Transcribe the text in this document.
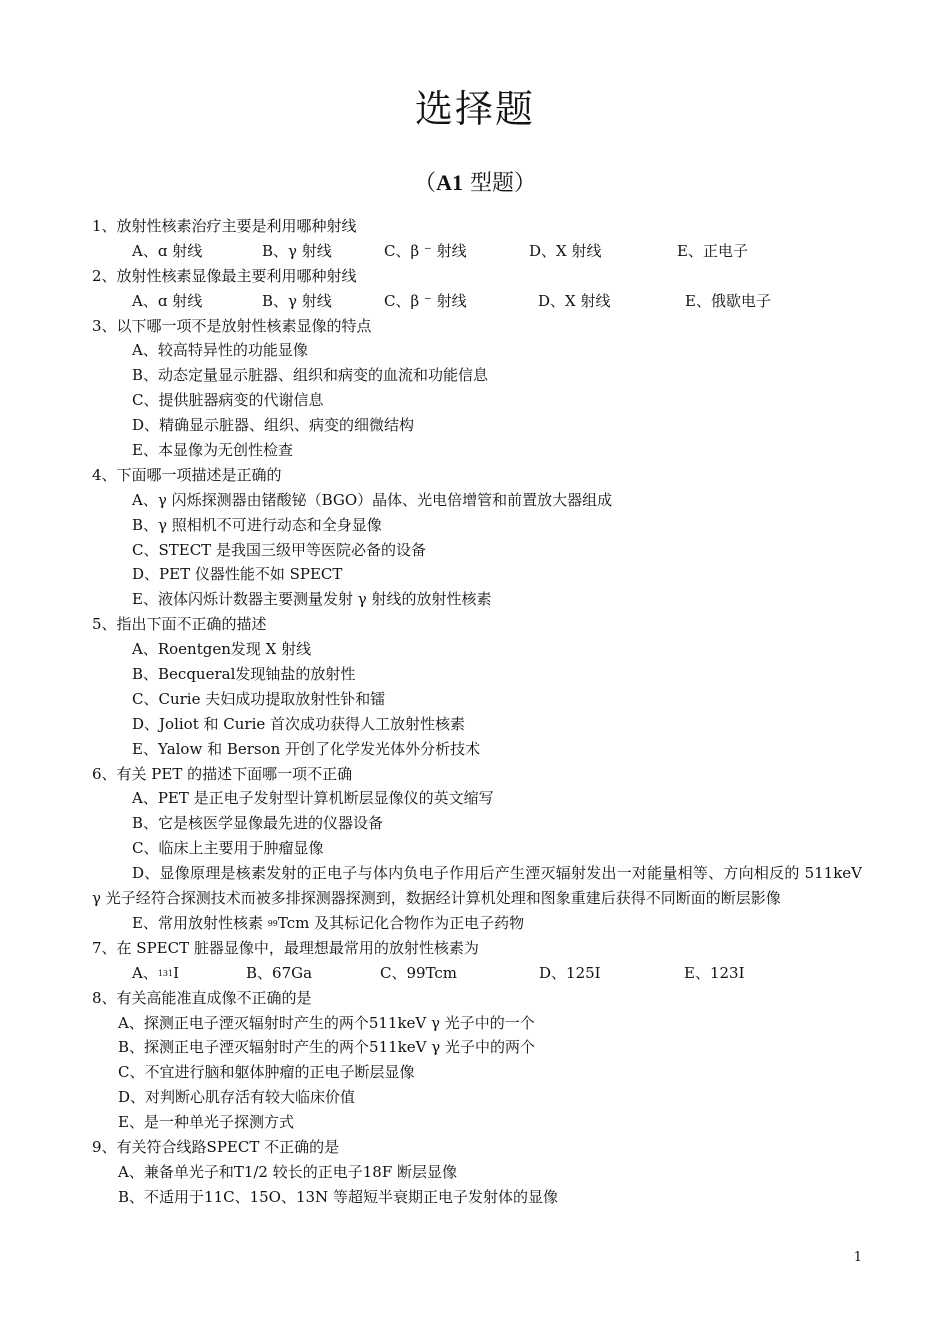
选择题
（A1 型题）
1、放射性核素治疗主要是利用哪种射线
A、ɑ 射线	B、γ 射线	C、β ⁻ 射线	D、X 射线	E、正电子
2、放射性核素显像最主要利用哪种射线
A、ɑ 射线	B、γ 射线	C、β ⁻ 射线	D、X 射线	E、俄歇电子
3、以下哪一项不是放射性核素显像的特点
A、较高特异性的功能显像
B、动态定量显示脏器、组织和病变的血流和功能信息
C、提供脏器病变的代谢信息
D、精确显示脏器、组织、病变的细微结构
E、本显像为无创性检查
4、下面哪一项描述是正确的
A、γ 闪烁探测器由锗酸铋（BGO）晶体、光电倍增管和前置放大器组成
B、γ 照相机不可进行动态和全身显像
C、STECT 是我国三级甲等医院必备的设备
D、PET 仪器性能不如 SPECT
E、液体闪烁计数器主要测量发射 γ 射线的放射性核素
5、指出下面不正确的描述
A、Roentgen发现 X 射线
B、Becqueral发现铀盐的放射性
C、Curie 夫妇成功提取放射性钋和镭
D、Joliot 和 Curie 首次成功获得人工放射性核素
E、Yalow 和 Berson 开创了化学发光体外分析技术
6、有关 PET 的描述下面哪一项不正确
A、PET 是正电子发射型计算机断层显像仪的英文缩写
B、它是核医学显像最先进的仪器设备
C、临床上主要用于肿瘤显像
D、显像原理是核素发射的正电子与体内负电子作用后产生湮灭辐射发出一对能量相等、方向相反的 511keV γ 光子经符合探测技术而被多排探测器探测到，数据经计算机处理和图象重建后获得不同断面的断层影像
E、常用放射性核素 $^{99}$Tcm 及其标记化合物作为正电子药物
7、在 SPECT 脏器显像中，最理想最常用的放射性核素为
A、$^{131}$I	B、67Ga	C、99Tcm	D、125I	E、123I
8、有关高能准直成像不正确的是
A、探测正电子湮灭辐射时产生的两个511keV γ 光子中的一个
B、探测正电子湮灭辐射时产生的两个511keV γ 光子中的两个
C、不宜进行脑和躯体肿瘤的正电子断层显像
D、对判断心肌存活有较大临床价值
E、是一种单光子探测方式
9、有关符合线路SPECT 不正确的是
A、兼备单光子和T1/2 较长的正电子18F 断层显像
B、不适用于11C、15O、13N 等超短半衰期正电子发射体的显像
1
